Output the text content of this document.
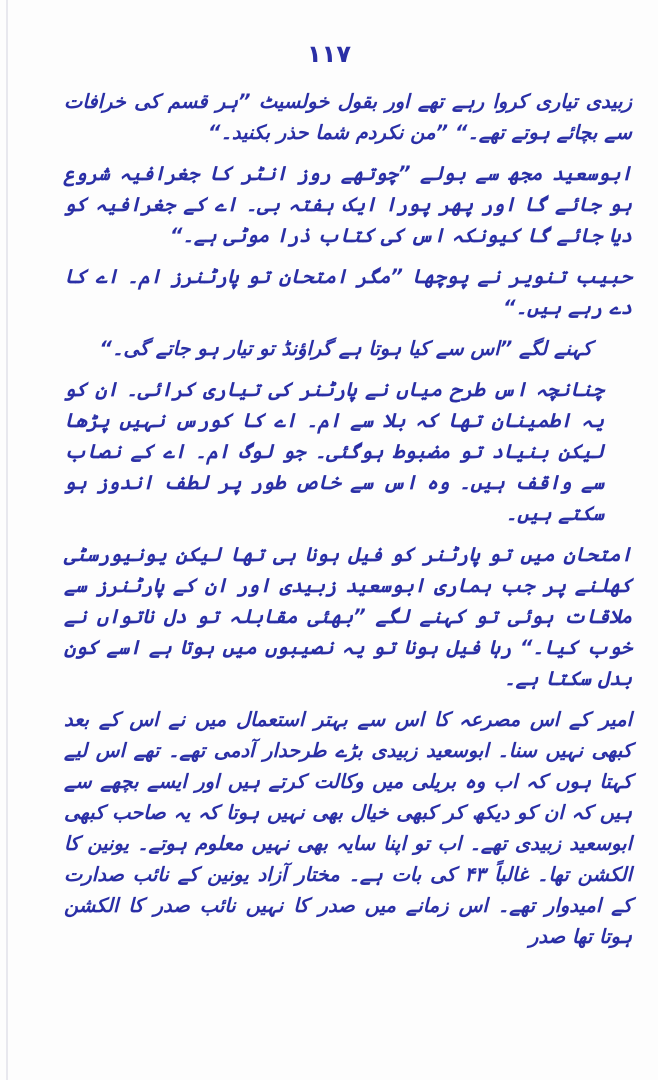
١١٧

زبیدی تیاری کروا رہے تھے اور بقول خولسیٹ ”ہر قسم کی خرافات سے بچائے ہوتے تھے۔“ ”من نکردم شما حذر بکنید۔“

ابوسعید مجھ سے بولے ”چوتھے روز انٹر کا جغرافیہ شروع ہو جائے گا اور پھر پورا ایک ہفتہ بی۔ اے کے جغرافیہ کو دیا جائے گا کیونکہ اس کی کتاب ذرا موٹی ہے۔“

حبیب تنویر نے پوچھا ”مگر امتحان تو پارٹنرز ام۔ اے کا دے رہے ہیں۔“

کہنے لگے ”اس سے کیا ہوتا ہے گراؤنڈ تو تیار ہو جاتے گی۔“

چنانچہ اس طرح میاں نے پارٹنر کی تیاری کرائی۔ ان کو یہ اطمینان تھا کہ بلا سے ام۔ اے کا کورس نہیں پڑھا لیکن بنیاد تو مضبوط ہوگئی۔ جو لوگ ام۔ اے کے نصاب سے واقف ہیں۔ وہ اس سے خاص طور پر لطف اندوز ہو سکتے ہیں۔

امتحان میں تو پارٹنر کو فیل ہونا ہی تھا لیکن یونیورسٹی کھلنے پر جب ہماری ابوسعید زبیدی اور ان کے پارٹنرز سے ملاقات ہوئی تو کہنے لگے ”بھئی مقابلہ تو دل ناتواں نے خوب کیا۔“ رہا فیل ہونا تو یہ نصیبوں میں ہوتا ہے اسے کون بدل سکتا ہے۔

امیر کے اس مصرعہ کا اس سے بہتر استعمال میں نے اس کے بعد کبھی نہیں سنا۔ ابوسعید زبیدی بڑے طرحدار آدمی تھے۔ تھے اس لیے کہتا ہوں کہ اب وہ بریلی میں وکالت کرتے ہیں اور ایسے بچھے سے ہیں کہ ان کو دیکھ کر کبھی خیال بھی نہیں ہوتا کہ یہ صاحب کبھی ابوسعید زبیدی تھے۔ اب تو اپنا سایہ بھی نہیں معلوم ہوتے۔ یونین کا الکشن تھا۔ غالباً ۴۳ کی بات ہے۔ مختار آزاد یونین کے نائب صدارت کے امیدوار تھے۔ اس زمانے میں صدر کا نہیں نائب صدر کا الکشن ہوتا تھا صدر
